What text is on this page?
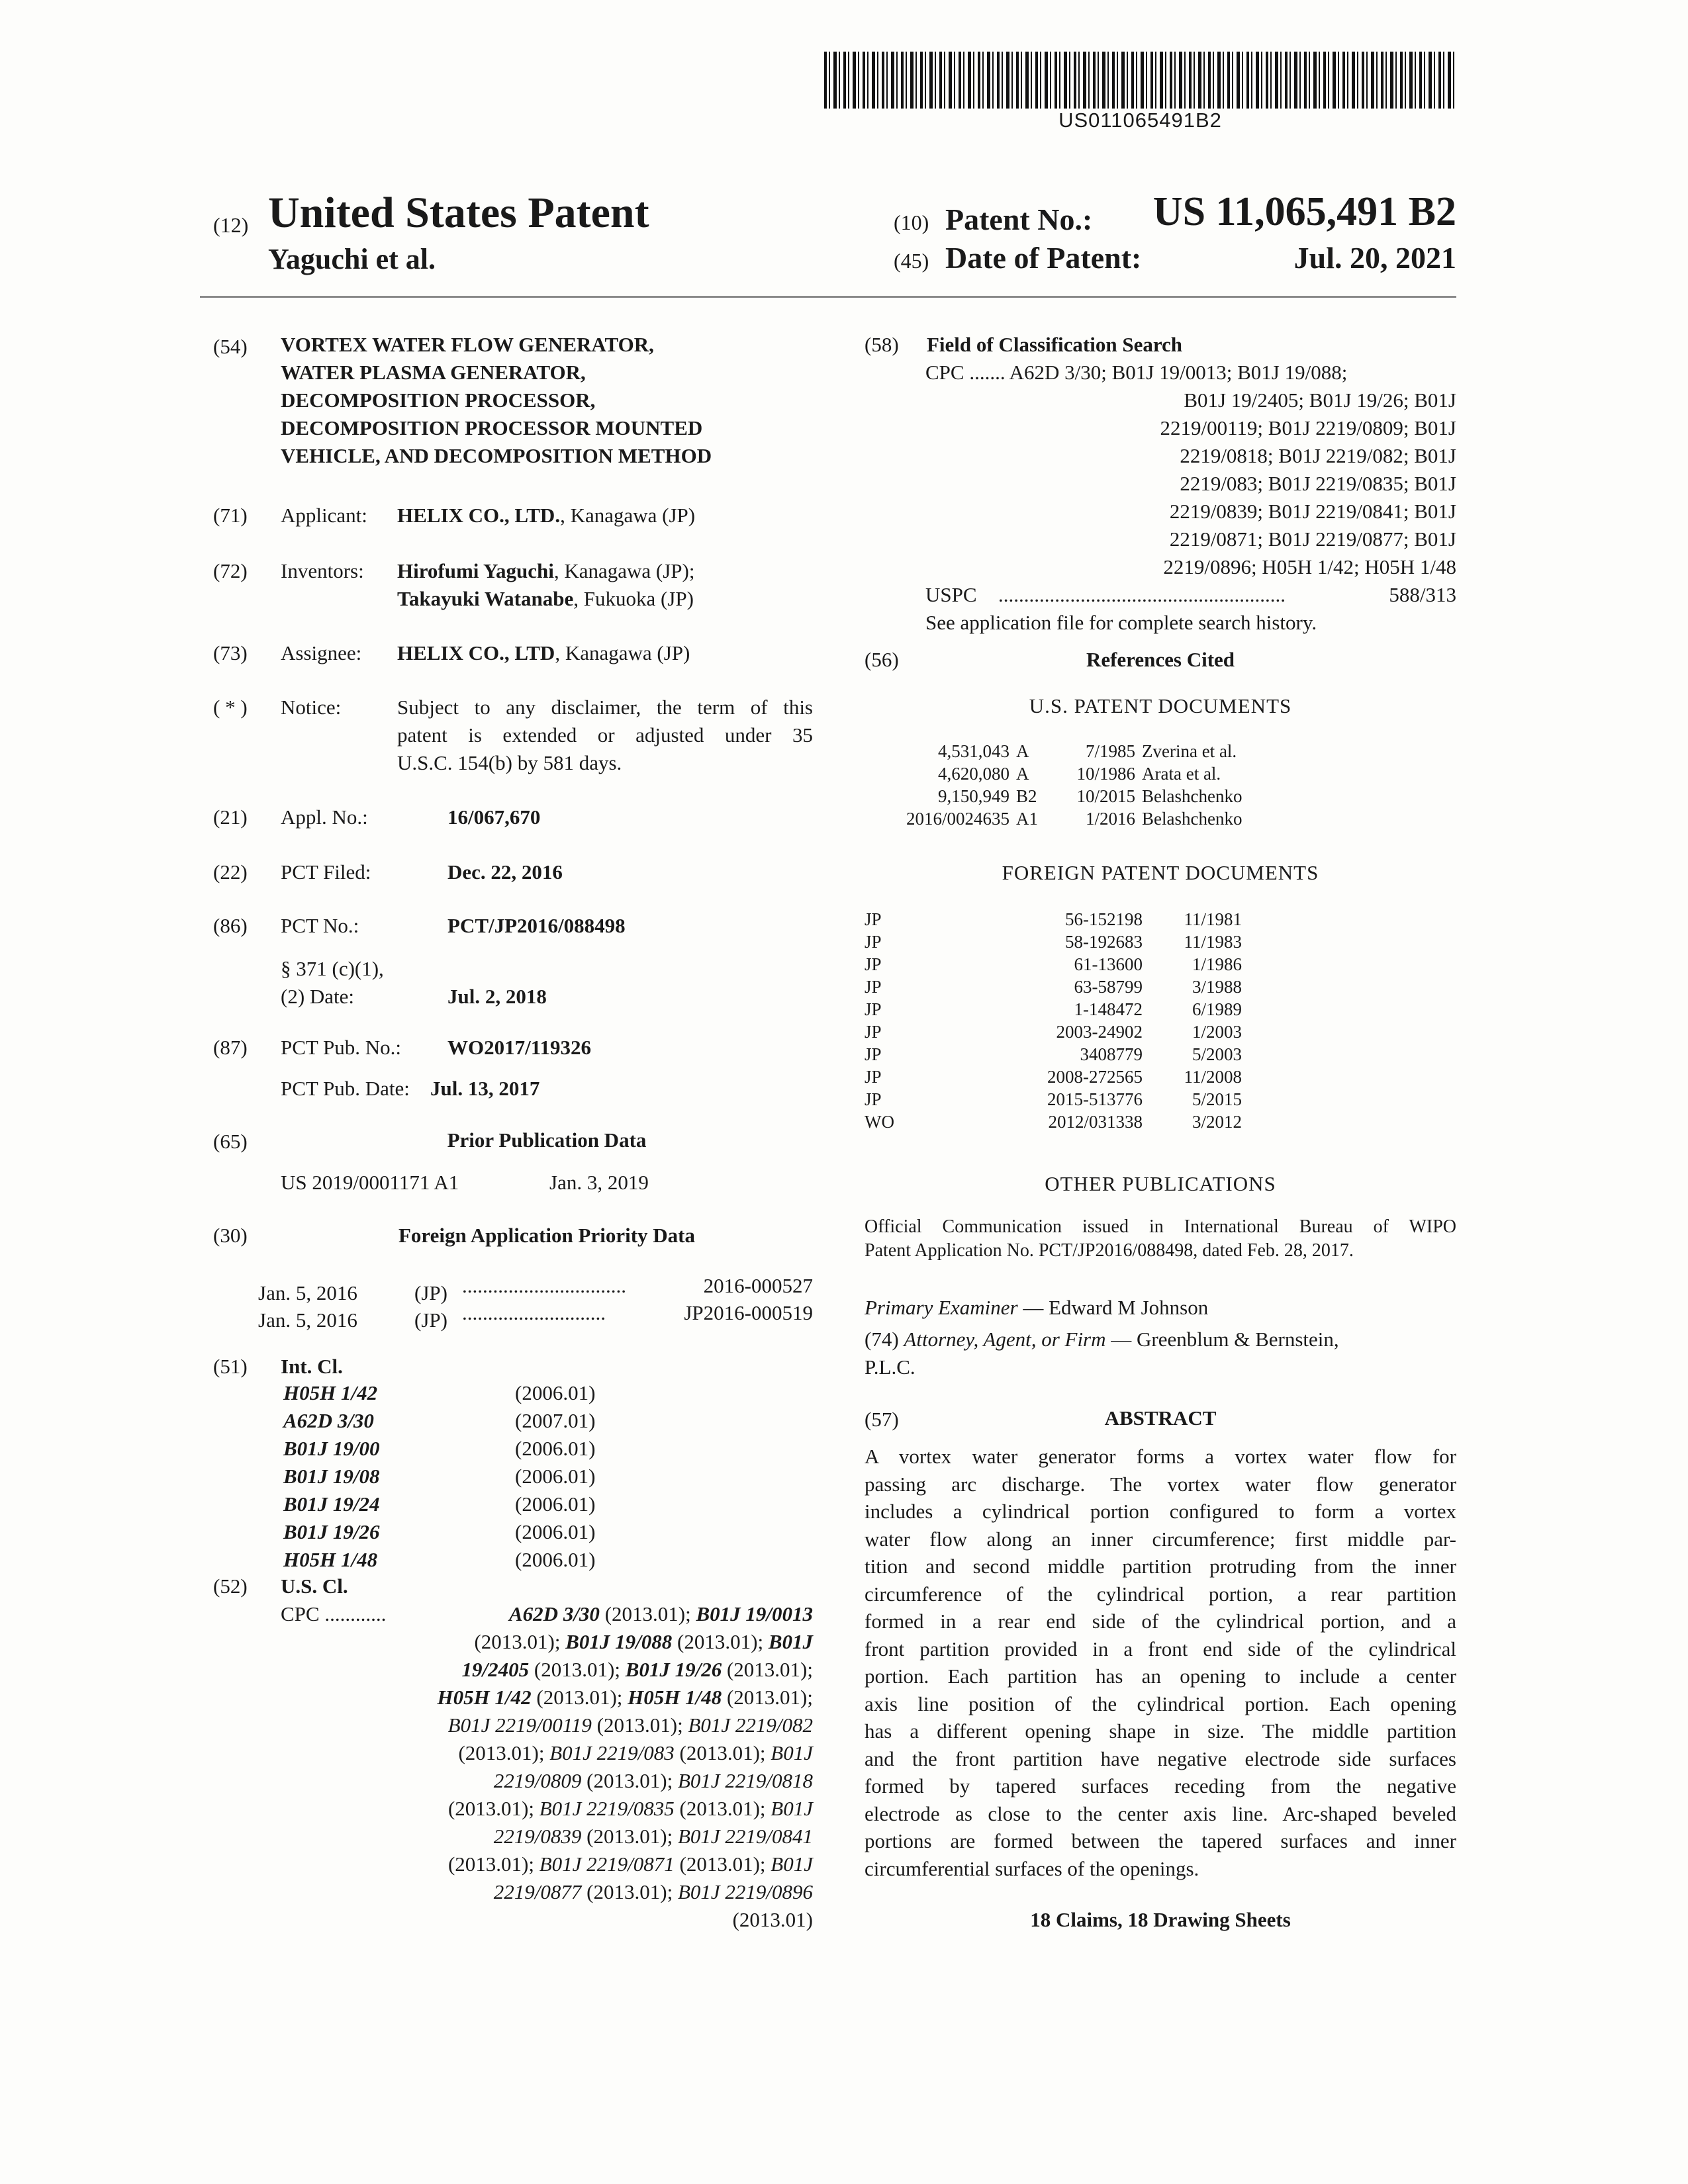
US011065491B2
(12) United States Patent
Yaguchi et al.
(10) Patent No.:	US 11,065,491 B2
(45) Date of Patent:	Jul. 20, 2021
(54) VORTEX WATER FLOW GENERATOR,
WATER PLASMA GENERATOR,
DECOMPOSITION PROCESSOR,
DECOMPOSITION PROCESSOR MOUNTED
VEHICLE, AND DECOMPOSITION METHOD
(71) Applicant: HELIX CO., LTD., Kanagawa (JP)
(72) Inventors: Hirofumi Yaguchi, Kanagawa (JP);
Takayuki Watanabe, Fukuoka (JP)
(73) Assignee: HELIX CO., LTD, Kanagawa (JP)
( * ) Notice:	Subject to any disclaimer, the term of this
patent is extended or adjusted under 35
U.S.C. 154(b) by 581 days.
(21) Appl. No.:	16/067,670
(22) PCT Filed:	Dec. 22, 2016
(86) PCT No.:	PCT/JP2016/088498
§ 371 (c)(1),
(2) Date:	Jul. 2, 2018
(87) PCT Pub. No.: WO2017/119326
PCT Pub. Date: Jul. 13, 2017
(65)	Prior Publication Data
US 2019/0001171 A1	Jan. 3, 2019
(30)	Foreign Application Priority Data
Jan. 5, 2016	(JP) ................................	2016-000527
Jan. 5, 2016	(JP) ............................	JP2016-000519
(51) Int. Cl.
H05H 1/42	(2006.01)
A62D 3/30	(2007.01)
B01J 19/00	(2006.01)
B01J 19/08	(2006.01)
B01J 19/24	(2006.01)
B01J 19/26	(2006.01)
H05H 1/48	(2006.01)
(52) U.S. Cl.
CPC ............	A62D 3/30 (2013.01); B01J 19/0013
(2013.01); B01J 19/088 (2013.01); B01J
19/2405 (2013.01); B01J 19/26 (2013.01);
H05H 1/42 (2013.01); H05H 1/48 (2013.01);
B01J 2219/00119 (2013.01); B01J 2219/082
(2013.01); B01J 2219/083 (2013.01); B01J
2219/0809 (2013.01); B01J 2219/0818
(2013.01); B01J 2219/0835 (2013.01); B01J
2219/0839 (2013.01); B01J 2219/0841
(2013.01); B01J 2219/0871 (2013.01); B01J
2219/0877 (2013.01); B01J 2219/0896
(2013.01)
(58) Field of Classification Search
CPC ....... A62D 3/30; B01J 19/0013; B01J 19/088;
B01J 19/2405; B01J 19/26; B01J
2219/00119; B01J 2219/0809; B01J
2219/0818; B01J 2219/082; B01J
2219/083; B01J 2219/0835; B01J
2219/0839; B01J 2219/0841; B01J
2219/0871; B01J 2219/0877; B01J
2219/0896; H05H 1/42; H05H 1/48
USPC ........................................................	588/313
See application file for complete search history.
(56)	References Cited
U.S. PATENT DOCUMENTS
4,531,043	A	7/1985	Zverina et al.
4,620,080	A	10/1986	Arata et al.
9,150,949	B2	10/2015	Belashchenko
2016/0024635	A1	1/2016	Belashchenko
FOREIGN PATENT DOCUMENTS
JP	56-152198	11/1981
JP	58-192683	11/1983
JP	61-13600	1/1986
JP	63-58799	3/1988
JP	1-148472	6/1989
JP	2003-24902	1/2003
JP	3408779	5/2003
JP	2008-272565	11/2008
JP	2015-513776	5/2015
WO	2012/031338	3/2012
OTHER PUBLICATIONS
Official Communication issued in International Bureau of WIPO
Patent Application No. PCT/JP2016/088498, dated Feb. 28, 2017.
Primary Examiner — Edward M Johnson
(74) Attorney, Agent, or Firm — Greenblum & Bernstein,
P.L.C.
(57)	ABSTRACT
A vortex water generator forms a vortex water flow for
passing arc discharge. The vortex water flow generator
includes a cylindrical portion configured to form a vortex
water flow along an inner circumference; first middle par-
tition and second middle partition protruding from the inner
circumference of the cylindrical portion, a rear partition
formed in a rear end side of the cylindrical portion, and a
front partition provided in a front end side of the cylindrical
portion. Each partition has an opening to include a center
axis line position of the cylindrical portion. Each opening
has a different opening shape in size. The middle partition
and the front partition have negative electrode side surfaces
formed by tapered surfaces receding from the negative
electrode as close to the center axis line. Arc-shaped beveled
portions are formed between the tapered surfaces and inner
circumferential surfaces of the openings.
18 Claims, 18 Drawing Sheets
